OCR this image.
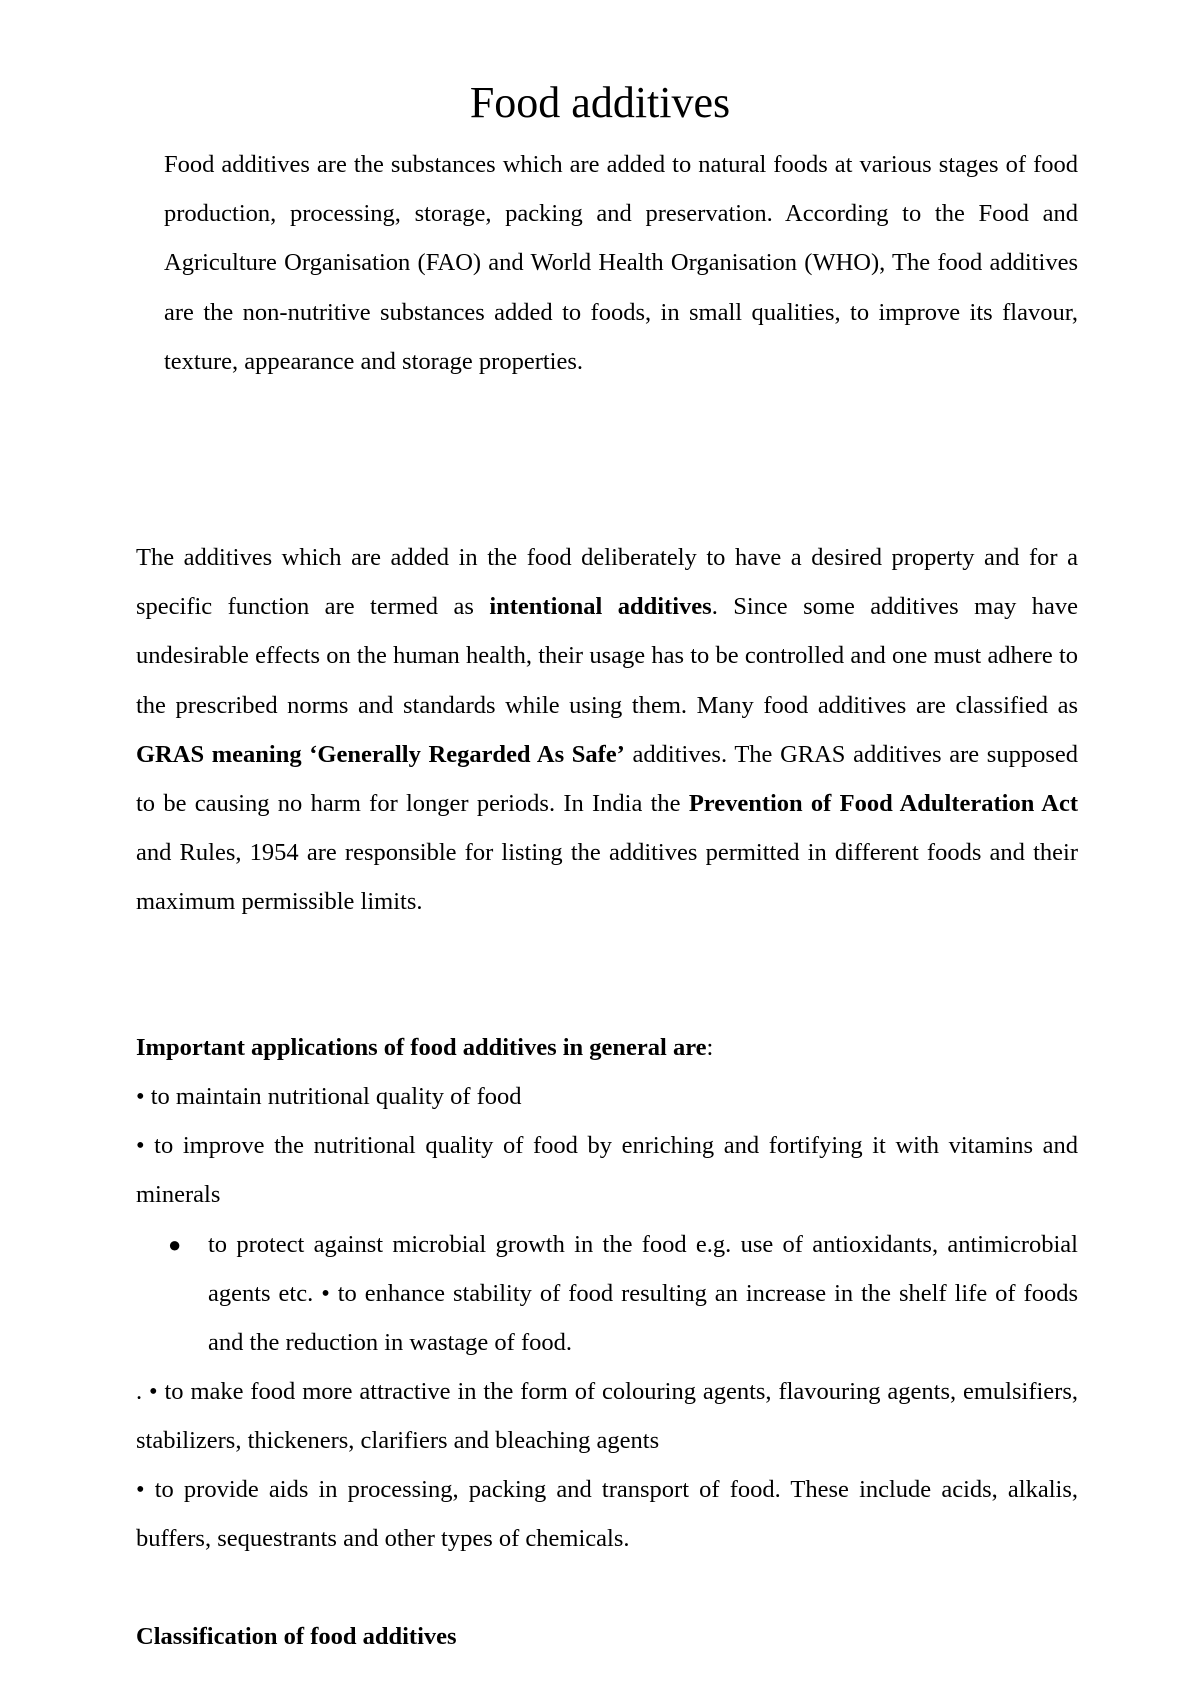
Food additives

Food additives are the substances which are added to natural foods at various stages of food production, processing, storage, packing and preservation. According to the Food and Agriculture Organisation (FAO) and World Health Organisation (WHO), The food additives are the non-nutritive substances added to foods, in small qualities, to improve its flavour, texture, appearance and storage properties.

The additives which are added in the food deliberately to have a desired property and for a specific function are termed as intentional additives. Since some additives may have undesirable effects on the human health, their usage has to be controlled and one must adhere to the prescribed norms and standards while using them. Many food additives are classified as GRAS meaning ‘Generally Regarded As Safe’ additives. The GRAS additives are supposed to be causing no harm for longer periods. In India the Prevention of Food Adulteration Act and Rules, 1954 are responsible for listing the additives permitted in different foods and their maximum permissible limits.

Important applications of food additives in general are:

• to maintain nutritional quality of food

• to improve the nutritional quality of food by enriching and fortifying it with vitamins and minerals

● to protect against microbial growth in the food e.g. use of antioxidants, antimicrobial agents etc. • to enhance stability of food resulting an increase in the shelf life of foods and the reduction in wastage of food.

. • to make food more attractive in the form of colouring agents, flavouring agents, emulsifiers, stabilizers, thickeners, clarifiers and bleaching agents

• to provide aids in processing, packing and transport of food. These include acids, alkalis, buffers, sequestrants and other types of chemicals.

Classification of food additives
